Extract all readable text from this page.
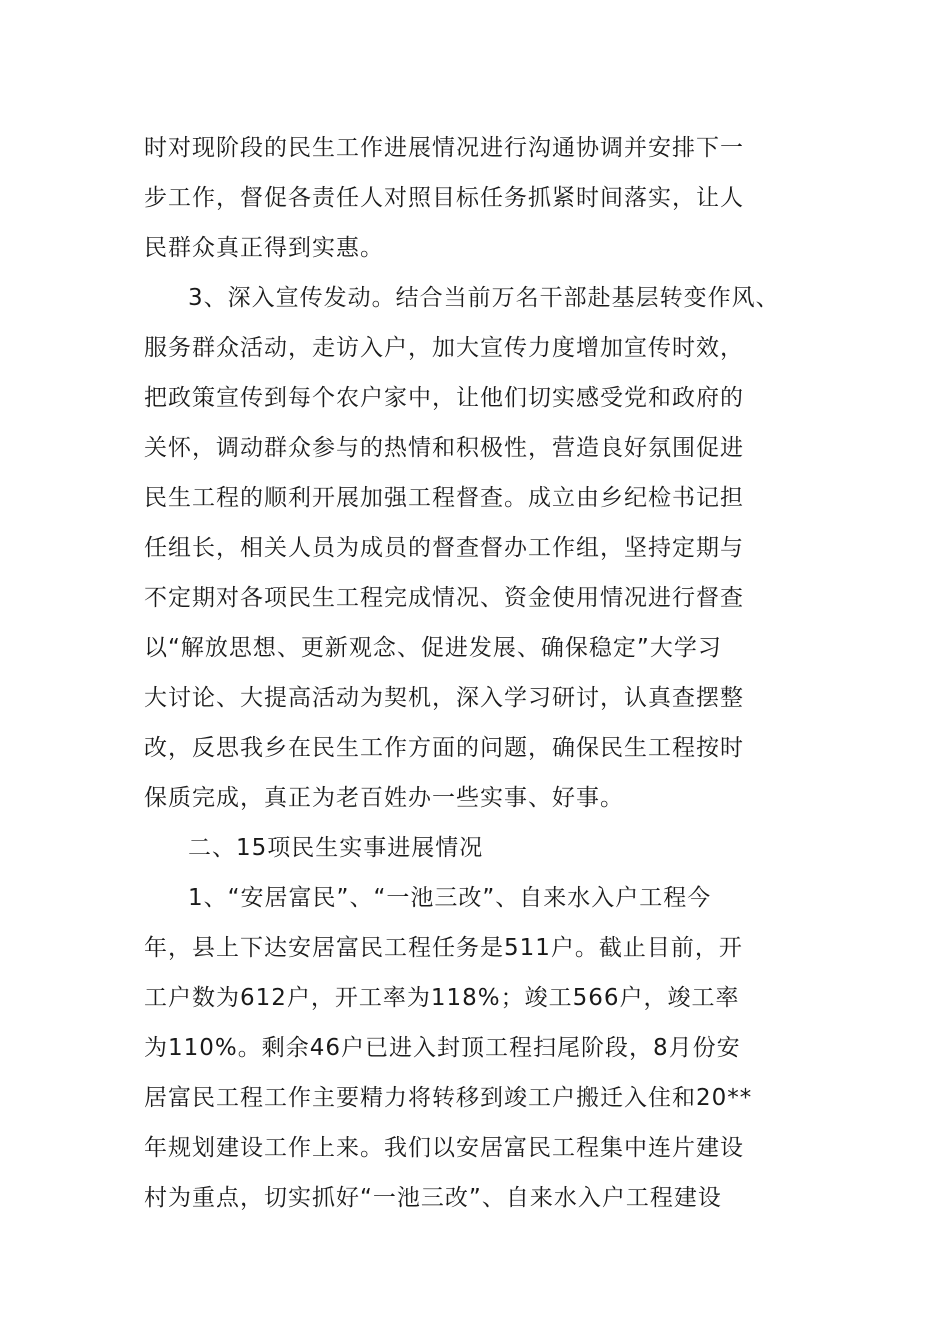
时对现阶段的民生工作进展情况进行沟通协调并安排下一
步工作，督促各责任人对照目标任务抓紧时间落实，让人
民群众真正得到实惠。
3、深入宣传发动。结合当前万名干部赴基层转变作风、
服务群众活动，走访入户，加大宣传力度增加宣传时效，
把政策宣传到每个农户家中，让他们切实感受党和政府的
关怀，调动群众参与的热情和积极性，营造良好氛围促进
民生工程的顺利开展加强工程督查。成立由乡纪检书记担
任组长，相关人员为成员的督查督办工作组，坚持定期与
不定期对各项民生工程完成情况、资金使用情况进行督查
以“解放思想、更新观念、促进发展、确保稳定”大学习
大讨论、大提高活动为契机，深入学习研讨，认真查摆整
改，反思我乡在民生工作方面的问题，确保民生工程按时
保质完成，真正为老百姓办一些实事、好事。
二、15项民生实事进展情况
1、“安居富民”、“一池三改”、自来水入户工程今
年，县上下达安居富民工程任务是511户。截止目前，开
工户数为612户，开工率为118%；竣工566户，竣工率
为110%。剩余46户已进入封顶工程扫尾阶段，8月份安
居富民工程工作主要精力将转移到竣工户搬迁入住和20**
年规划建设工作上来。我们以安居富民工程集中连片建设
村为重点，切实抓好“一池三改”、自来水入户工程建设
